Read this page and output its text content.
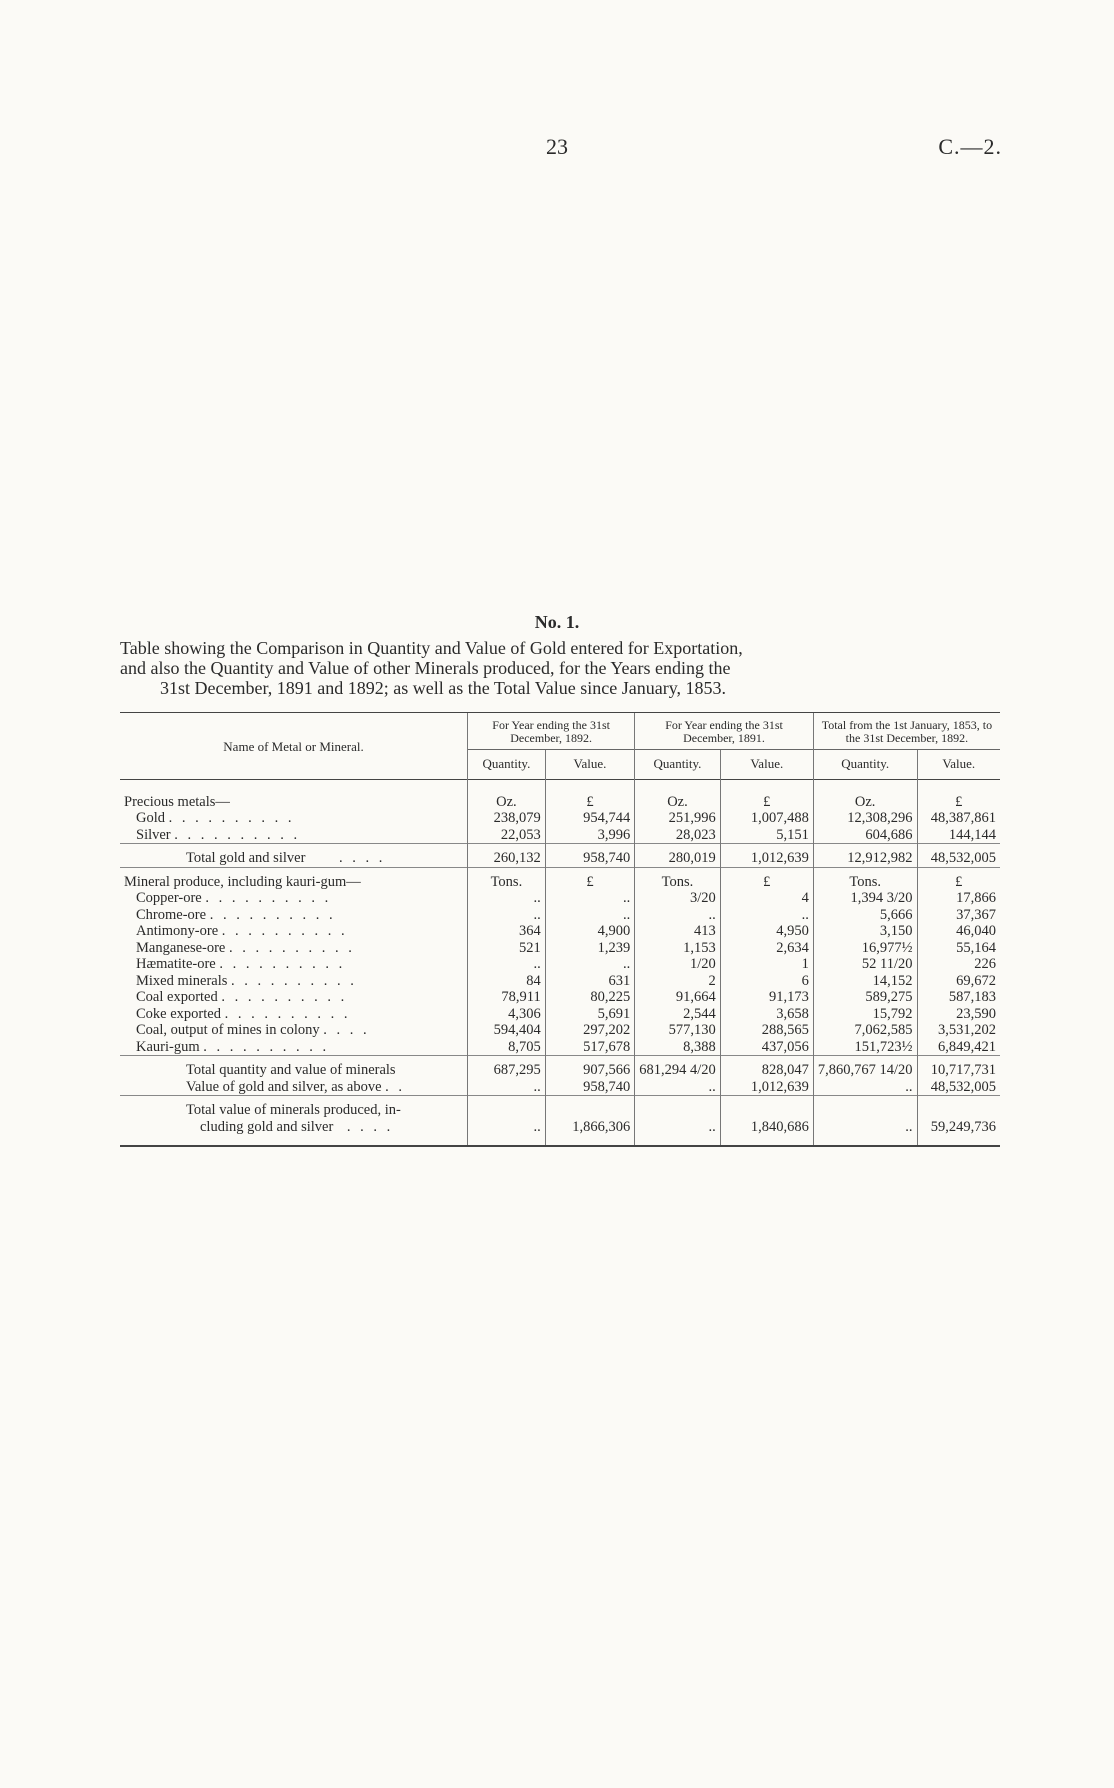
23	C.—2.
No. 1.
Table showing the Comparison in Quantity and Value of Gold entered for Exportation,
and also the Quantity and Value of other Minerals produced, for the Years ending the

31st December, 1891 and 1892; as well as the Total Value since January, 1853.
Name of Metal or Mineral.	For Year ending the 31st December, 1892.		For Year ending the 31st December, 1891.		Total from the 1st January, 1853, to the 31st December, 1892.	
	Quantity.	Value.	Quantity.	Value.	Quantity.	Value.

Precious metals—	Oz.	£	Oz.	£	Oz.	£
Gold . . . . . . . . . .	238,079	954,744	251,996	1,007,488	12,308,296	48,387,861
Silver . . . . . . . . . .	22,053	3,996	28,023	5,151	604,686	144,144

Total gold and silver . . . .	260,132	958,740	280,019	1,012,639	12,912,982	48,532,005

Mineral produce, including kauri-gum—	Tons.	£	Tons.	£	Tons.	£
Copper-ore . . . . . . . . . .	..	..	3/20	4	1,394 3/20	17,866
Chrome-ore . . . . . . . . . .	..	..	..	..	5,666	37,367
Antimony-ore . . . . . . . . . .	364	4,900	413	4,950	3,150	46,040
Manganese-ore . . . . . . . . . .	521	1,239	1,153	2,634	16,977½	55,164
Hæmatite-ore . . . . . . . . . .	..	..	1/20	1	52 11/20	226
Mixed minerals . . . . . . . . . .	84	631	2	6	14,152	69,672
Coal exported . . . . . . . . . .	78,911	80,225	91,664	91,173	589,275	587,183
Coke exported . . . . . . . . . .	4,306	5,691	2,544	3,658	15,792	23,590
Coal, output of mines in colony . . . .	594,404	297,202	577,130	288,565	7,062,585	3,531,202
Kauri-gum . . . . . . . . . .	8,705	517,678	8,388	437,056	151,723½	6,849,421

Total quantity and value of minerals	687,295	907,566	681,294 4/20	828,047	7,860,767 14/20	10,717,731
Value of gold and silver, as above . .	..	958,740	..	1,012,639	..	48,532,005

Total value of minerals produced, in-
cluding gold and silver . . . .	..	1,866,306	..	1,840,686	..	59,249,736
